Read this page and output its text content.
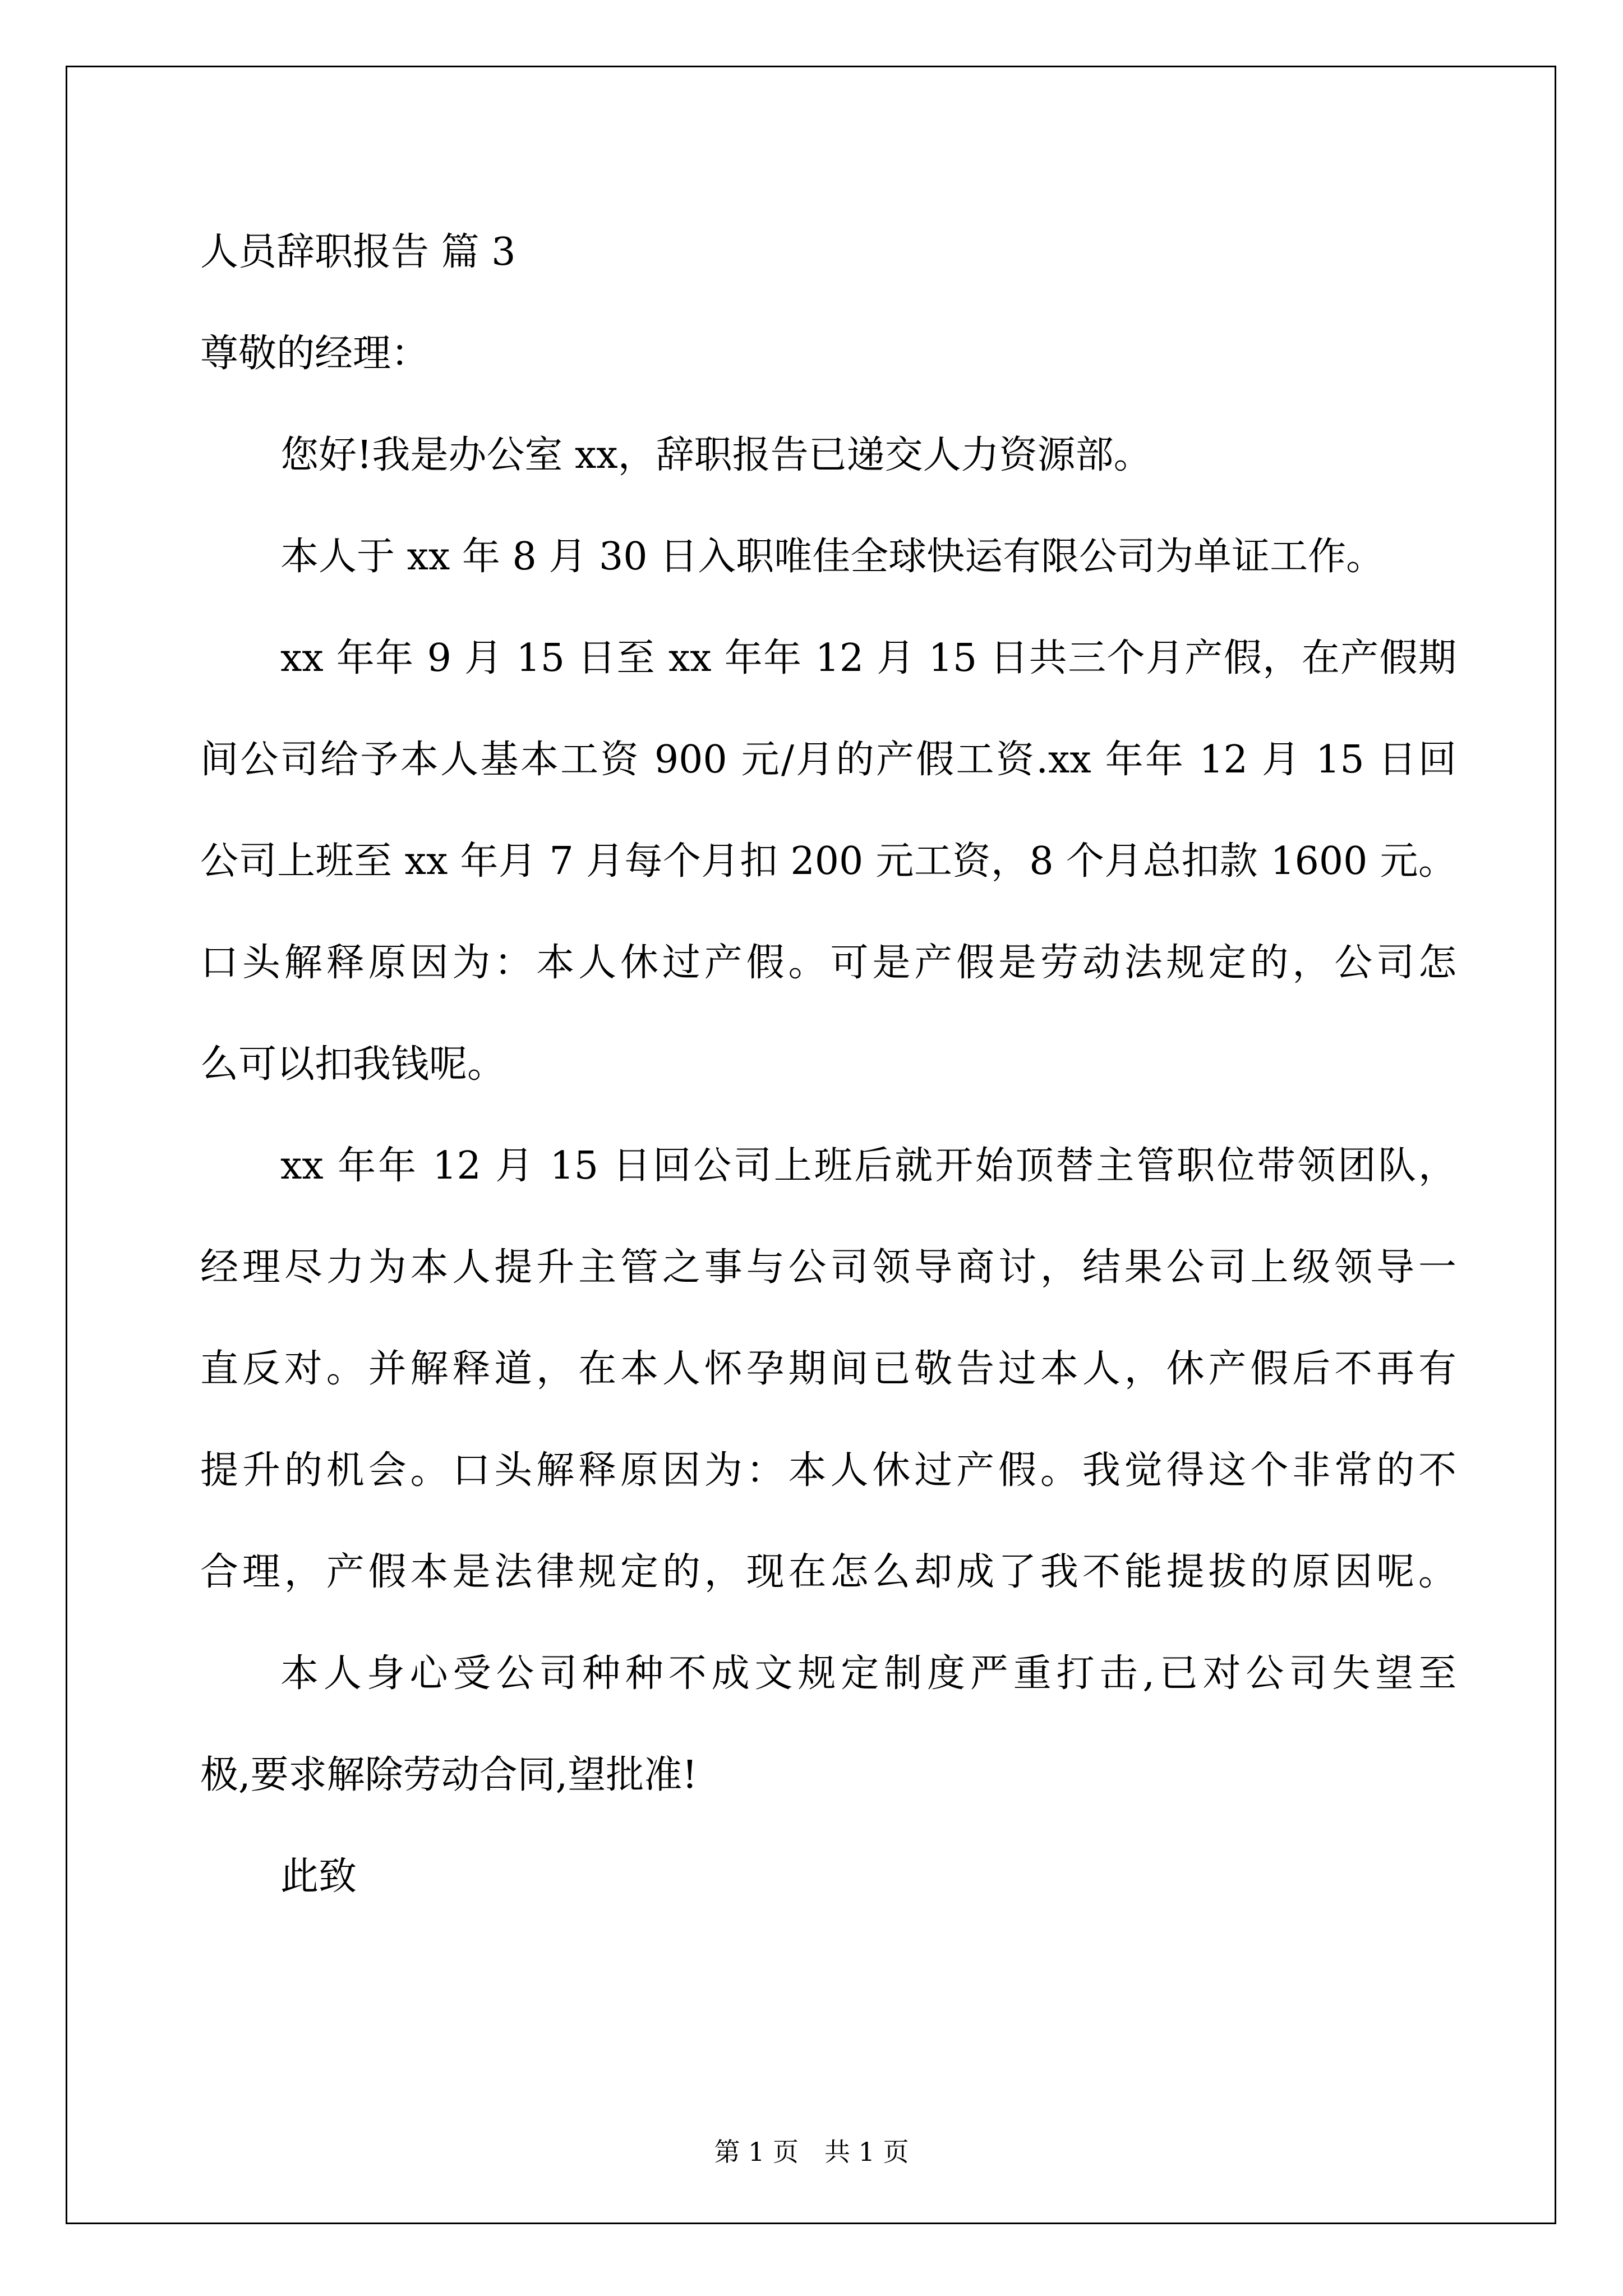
人员辞职报告 篇 3
尊敬的经理：
您好!我是办公室 xx，辞职报告已递交人力资源部。
本人于 xx 年 8 月 30 日入职唯佳全球快运有限公司为单证工作。
xx 年年 9 月 15 日至 xx 年年 12 月 15 日共三个月产假，在产假期
间公司给予本人基本工资 900 元/月的产假工资.xx 年年 12 月 15 日回
公司上班至 xx 年月 7 月每个月扣 200 元工资，8 个月总扣款 1600 元。
口头解释原因为：本人休过产假。可是产假是劳动法规定的，公司怎
么可以扣我钱呢。
xx 年年 12 月 15 日回公司上班后就开始顶替主管职位带领团队，
经理尽力为本人提升主管之事与公司领导商讨，结果公司上级领导一
直反对。并解释道，在本人怀孕期间已敬告过本人，休产假后不再有
提升的机会。口头解释原因为：本人休过产假。我觉得这个非常的不
合理，产假本是法律规定的，现在怎么却成了我不能提拔的原因呢。
本人身心受公司种种不成文规定制度严重打击,已对公司失望至
极,要求解除劳动合同,望批准!
此致
第 1 页　共 1 页
